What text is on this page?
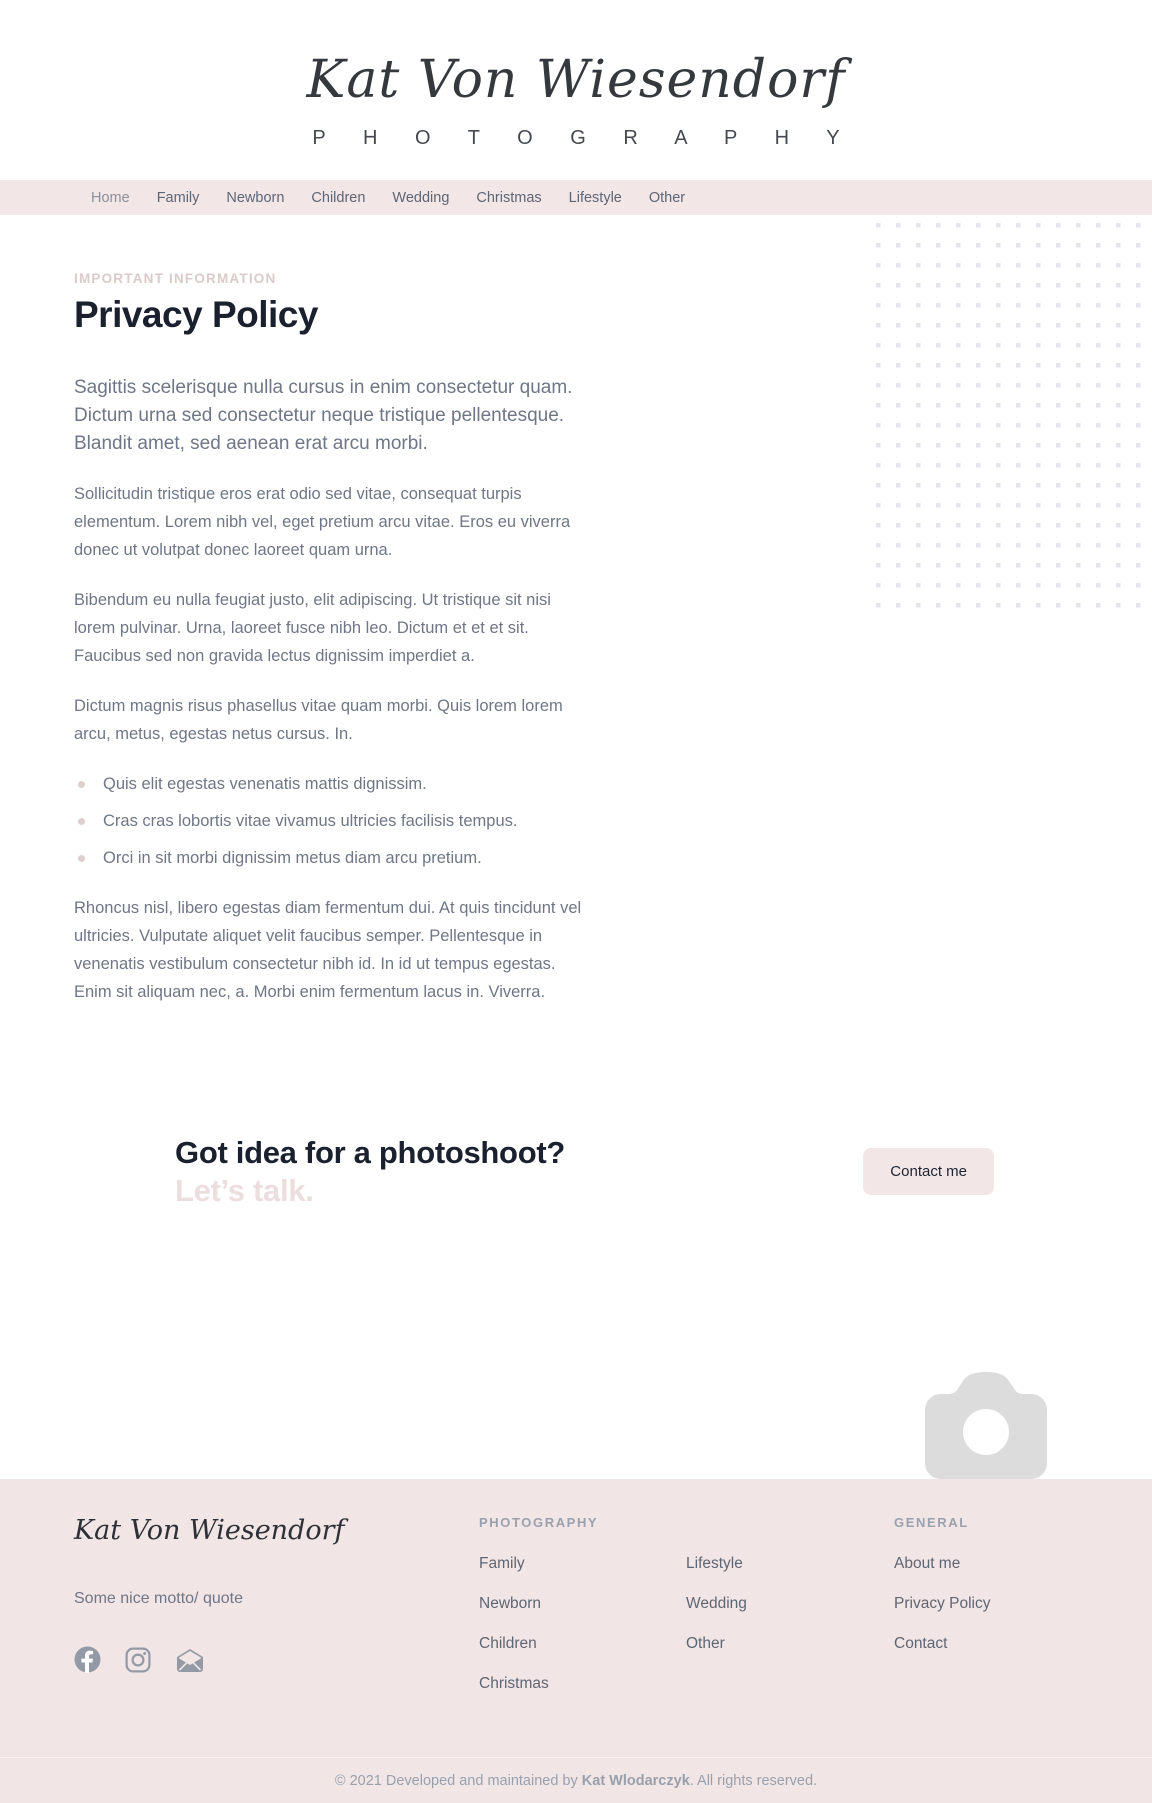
Kat Von Wiesendorf
P H O T O G R A P H Y
Home Family Newborn Children Wedding Christmas Lifestyle Other
IMPORTANT INFORMATION
Privacy Policy

Sagittis scelerisque nulla cursus in enim consectetur quam. Dictum urna sed consectetur neque tristique pellentesque. Blandit amet, sed aenean erat arcu morbi.

Sollicitudin tristique eros erat odio sed vitae, consequat turpis elementum. Lorem nibh vel, eget pretium arcu vitae. Eros eu viverra donec ut volutpat donec laoreet quam urna.

Bibendum eu nulla feugiat justo, elit adipiscing. Ut tristique sit nisi lorem pulvinar. Urna, laoreet fusce nibh leo. Dictum et et et sit. Faucibus sed non gravida lectus dignissim imperdiet a.

Dictum magnis risus phasellus vitae quam morbi. Quis lorem lorem arcu, metus, egestas netus cursus. In.

Quis elit egestas venenatis mattis dignissim.
Cras cras lobortis vitae vivamus ultricies facilisis tempus.
Orci in sit morbi dignissim metus diam arcu pretium.

Rhoncus nisl, libero egestas diam fermentum dui. At quis tincidunt vel ultricies. Vulputate aliquet velit faucibus semper. Pellentesque in venenatis vestibulum consectetur nibh id. In id ut tempus egestas. Enim sit aliquam nec, a. Morbi enim fermentum lacus in. Viverra.

Got idea for a photoshoot?
Let’s talk.
Contact me
Kat Von Wiesendorf
Some nice motto/ quote
PHOTOGRAPHY
Family
Newborn
Children
Christmas
Lifestyle
Wedding
Other
GENERAL
About me
Privacy Policy
Contact
© 2021 Developed and maintained by Kat Wlodarczyk. All rights reserved.
